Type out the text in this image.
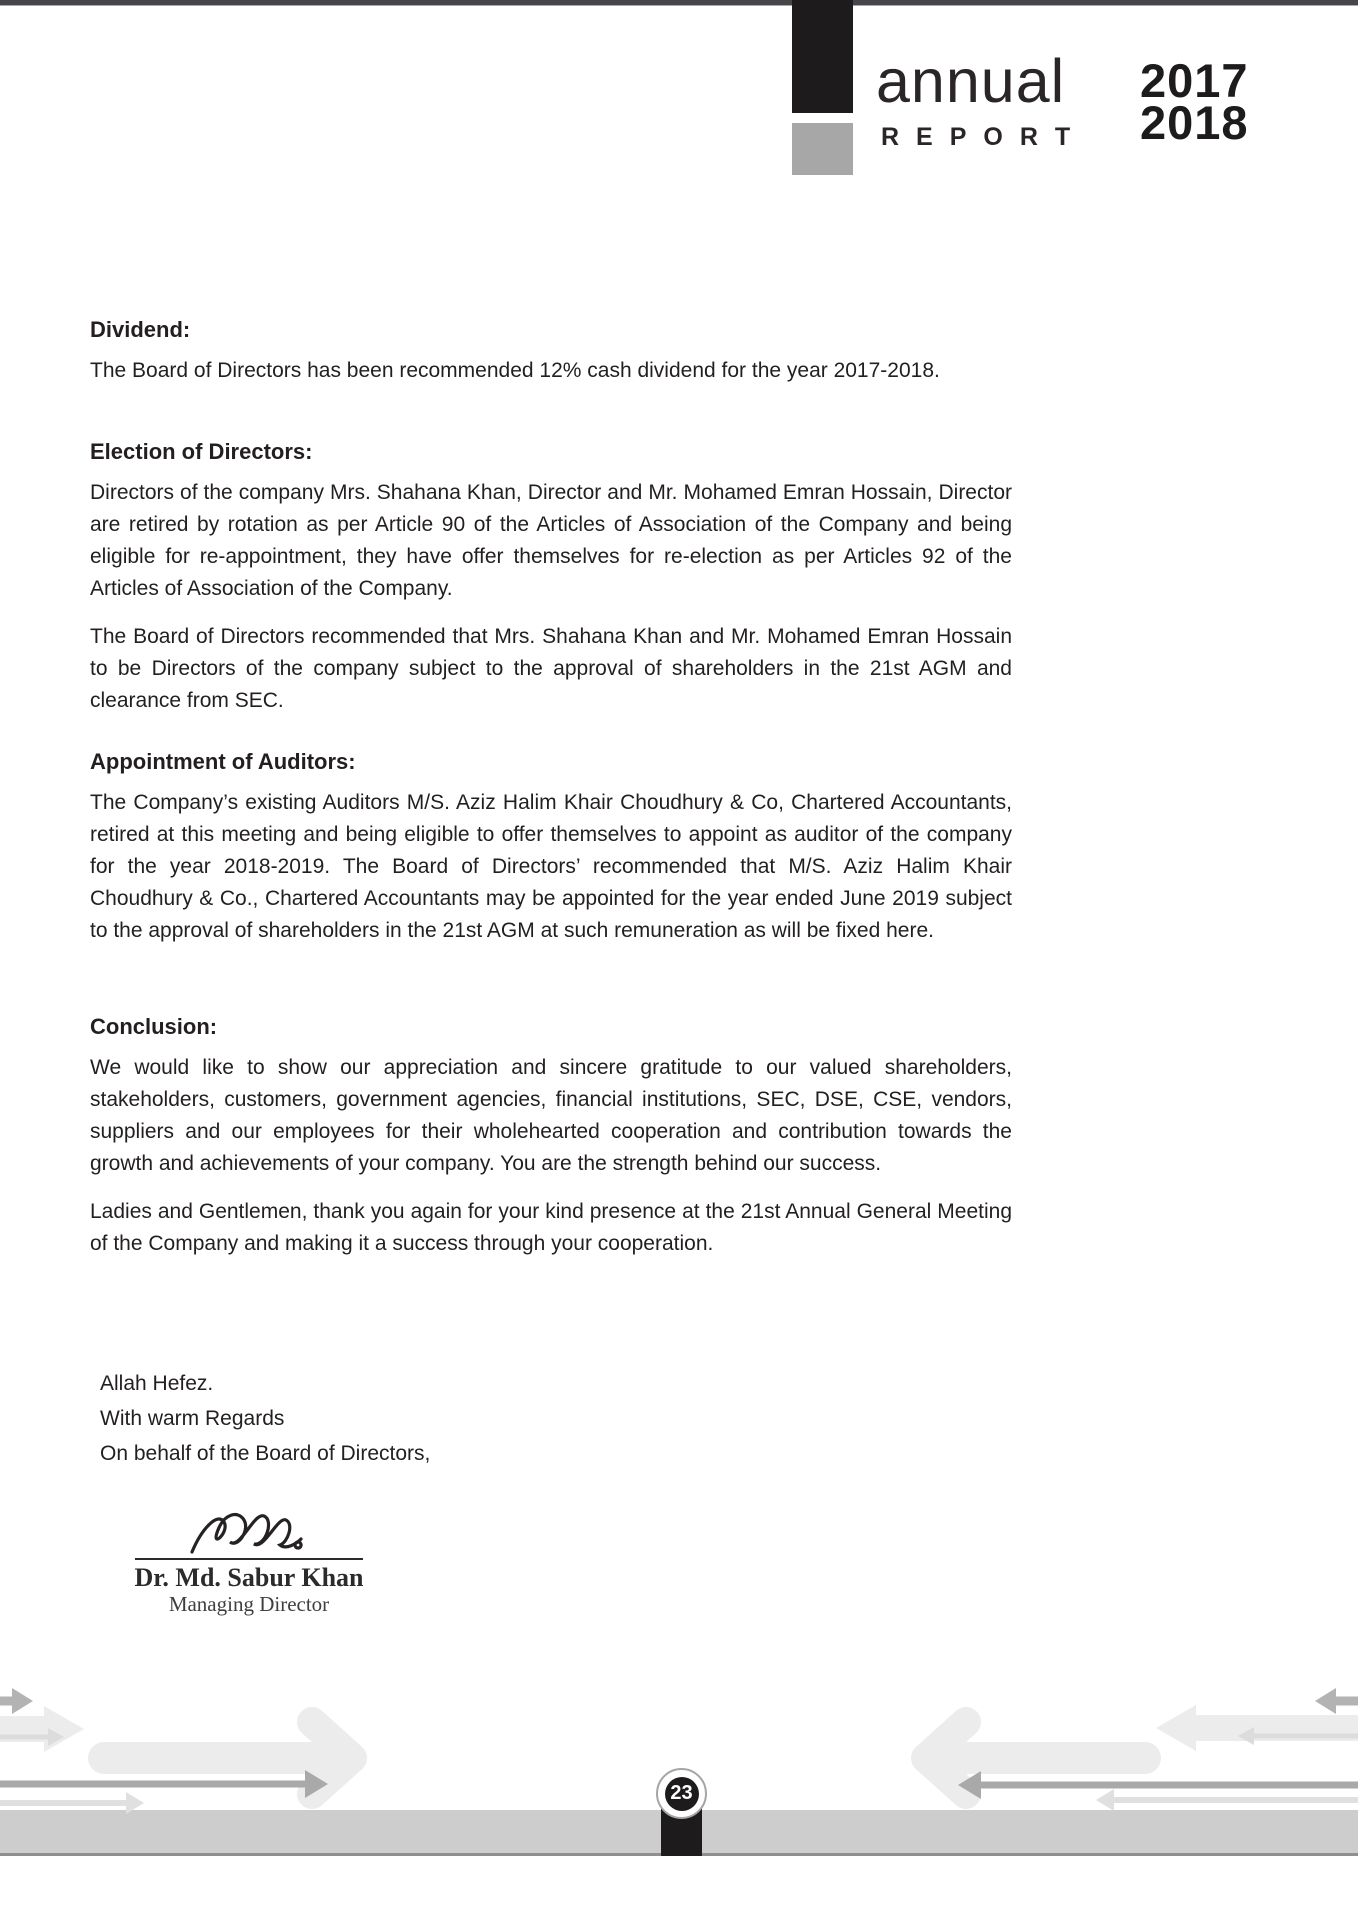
annual
REPORT
2017
2018
Dividend:

The Board of Directors has been recommended 12% cash dividend for the year 2017-2018.

Election of Directors:

Directors of the company Mrs. Shahana Khan, Director and Mr. Mohamed Emran Hossain, Director are retired by rotation as per Article 90 of the Articles of Association of the Company and being eligible for re-appointment, they have offer themselves for re-election as per Articles 92 of the Articles of Association of the Company.

The Board of Directors recommended that Mrs. Shahana Khan and Mr. Mohamed Emran Hossain to be Directors of the company subject to the approval of shareholders in the 21st AGM and clearance from SEC.

Appointment of Auditors:

The Company’s existing Auditors M/S. Aziz Halim Khair Choudhury & Co, Chartered Accountants, retired at this meeting and being eligible to offer themselves to appoint as auditor of the company for the year 2018-2019. The Board of Directors’ recommended that M/S. Aziz Halim Khair Choudhury & Co., Chartered Accountants may be appointed for the year ended June 2019 subject to the approval of shareholders in the 21st AGM at such remuneration as will be fixed here.

Conclusion:

We would like to show our appreciation and sincere gratitude to our valued shareholders, stakeholders, customers, government agencies, financial institutions, SEC, DSE, CSE, vendors, suppliers and our employees for their wholehearted cooperation and contribution towards the growth and achievements of your company. You are the strength behind our success.

Ladies and Gentlemen, thank you again for your kind presence at the 21st Annual General Meeting of the Company and making it a success through your cooperation.

Allah Hefez.
With warm Regards
On behalf of the Board of Directors,
Dr. Md. Sabur Khan
Managing Director
23
